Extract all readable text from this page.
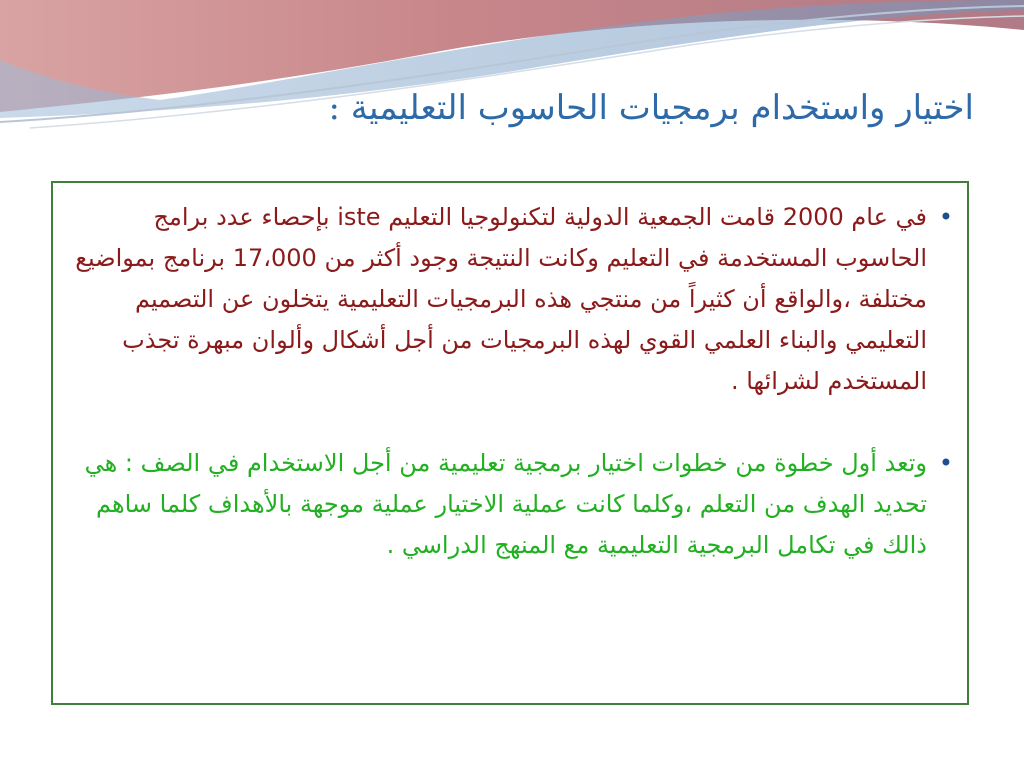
اختيار واستخدام برمجيات الحاسوب التعليمية :
•
في عام 2000 قامت الجمعية الدولية لتكنولوجيا التعليم iste بإحصاء عدد برامج الحاسوب المستخدمة في التعليم وكانت النتيجة وجود أكثر من 17،000 برنامج بمواضيع مختلفة ،والواقع أن كثيراً من منتجي هذه البرمجيات التعليمية يتخلون عن التصميم التعليمي والبناء العلمي القوي لهذه البرمجيات من أجل أشكال وألوان مبهرة تجذب المستخدم لشرائها .
•
وتعد أول خطوة من خطوات اختيار برمجية تعليمية من أجل الاستخدام في الصف : هي تحديد الهدف من التعلم ،وكلما كانت عملية الاختيار عملية موجهة بالأهداف كلما ساهم ذالك في تكامل البرمجية التعليمية مع المنهج الدراسي .
